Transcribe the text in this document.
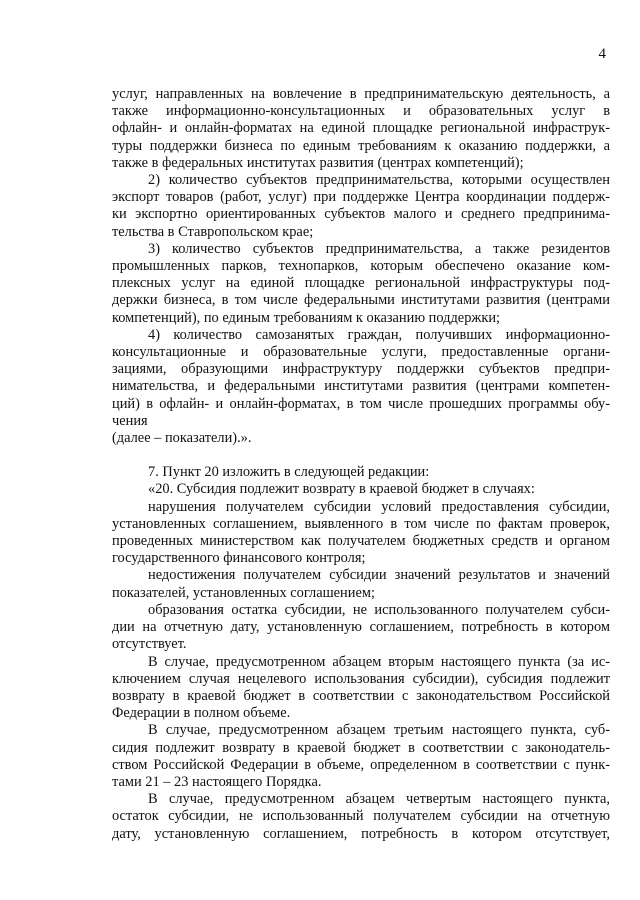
4
услуг, направленных на вовлечение в предпринимательскую деятельность, а
также информационно-консультационных и образовательных услуг в
офлайн- и онлайн-форматах на единой площадке региональной инфраструк-
туры поддержки бизнеса по единым требованиям к оказанию поддержки, а
также в федеральных институтах развития (центрах компетенций);
2) количество субъектов предпринимательства, которыми осуществлен
экспорт товаров (работ, услуг) при поддержке Центра координации поддерж-
ки экспортно ориентированных субъектов малого и среднего предпринима-
тельства в Ставропольском крае;
3) количество субъектов предпринимательства, а также резидентов
промышленных парков, технопарков, которым обеспечено оказание ком-
плексных услуг на единой площадке региональной инфраструктуры под-
держки бизнеса, в том числе федеральными институтами развития (центрами
компетенций), по единым требованиям к оказанию поддержки;
4) количество самозанятых граждан, получивших информационно-
консультационные и образовательные услуги, предоставленные органи-
зациями, образующими инфраструктуру поддержки субъектов предпри-
нимательства, и федеральными институтами развития (центрами компетен-
ций) в офлайн- и онлайн-форматах, в том числе прошедших программы обу-
чения
(далее – показатели).».
7. Пункт 20 изложить в следующей редакции:
«20. Субсидия подлежит возврату в краевой бюджет в случаях:
нарушения получателем субсидии условий предоставления субсидии,
установленных соглашением, выявленного в том числе по фактам проверок,
проведенных министерством как получателем бюджетных средств и органом
государственного финансового контроля;
недостижения получателем субсидии значений результатов и значений
показателей, установленных соглашением;
образования остатка субсидии, не использованного получателем субси-
дии на отчетную дату, установленную соглашением, потребность в котором
отсутствует.
В случае, предусмотренном абзацем вторым настоящего пункта (за ис-
ключением случая нецелевого использования субсидии), субсидия подлежит
возврату в краевой бюджет в соответствии с законодательством Российской
Федерации в полном объеме.
В случае, предусмотренном абзацем третьим настоящего пункта, суб-
сидия подлежит возврату в краевой бюджет в соответствии с законодатель-
ством Российской Федерации в объеме, определенном в соответствии с пунк-
тами 21 – 23 настоящего Порядка.
В случае, предусмотренном абзацем четвертым настоящего пункта,
остаток субсидии, не использованный получателем субсидии на отчетную
дату, установленную соглашением, потребность в котором отсутствует,
